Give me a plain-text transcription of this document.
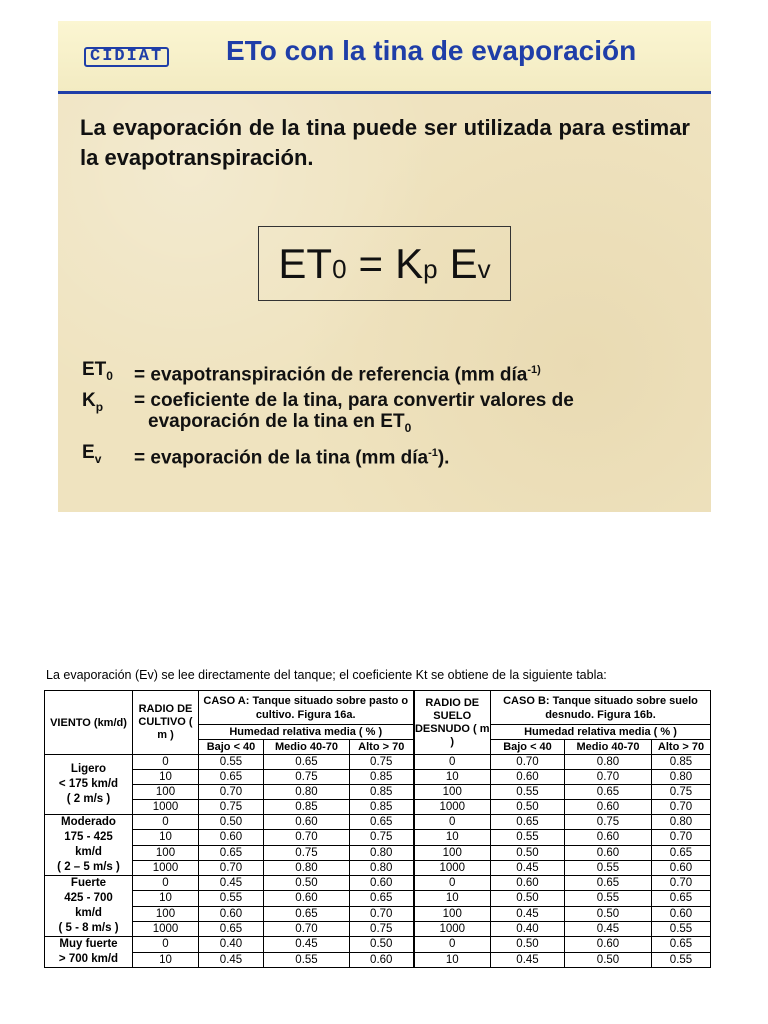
CIDIAT ETo con la tina de evaporación
La evaporación de la tina puede ser utilizada para estimar la evapotranspiración.
$ET_0 = K_p$ $E_v$
$ET_0$	= evapotranspiración de referencia (mm día$^{-1)}$
$K_p$	= coeficiente de la tina, para convertir valores de
evaporación de la tina en $ET_0$
$E_v$	= evaporación de la tina (mm día$^{-1}$).
La evaporación (Ev) se lee directamente del tanque; el coeficiente Kt se obtiene de la siguiente tabla:
VIENTO (km/d)	RADIO DE CULTIVO ( m )	CASO A: Tanque situado sobre pasto o cultivo. Figura 16a.			RADIO DE SUELO DESNUDO ( m )	CASO B: Tanque situado sobre suelo desnudo. Figura 16b.		
		Humedad relativa media ( % )				Humedad relativa media ( % )		
		Bajo < 40	Medio 40-70	Alto > 70		Bajo < 40	Medio 40-70	Alto > 70

Ligero
< 175 km/d
( 2 m/s )	0	0.55	0.65	0.75	0	0.70	0.80	0.85
	10	0.65	0.75	0.85	10	0.60	0.70	0.80
	100	0.70	0.80	0.85	100	0.55	0.65	0.75
	1000	0.75	0.85	0.85	1000	0.50	0.60	0.70

Moderado
175 - 425
km/d
( 2 – 5 m/s )	0	0.50	0.60	0.65	0	0.65	0.75	0.80
	10	0.60	0.70	0.75	10	0.55	0.60	0.70
	100	0.65	0.75	0.80	100	0.50	0.60	0.65
	1000	0.70	0.80	0.80	1000	0.45	0.55	0.60

Fuerte
425 - 700
km/d
( 5 - 8 m/s )	0	0.45	0.50	0.60	0	0.60	0.65	0.70
	10	0.55	0.60	0.65	10	0.50	0.55	0.65
	100	0.60	0.65	0.70	100	0.45	0.50	0.60
	1000	0.65	0.70	0.75	1000	0.40	0.45	0.55

Muy fuerte
> 700 km/d	0	0.40	0.45	0.50	0	0.50	0.60	0.65
	10	0.45	0.55	0.60	10	0.45	0.50	0.55
